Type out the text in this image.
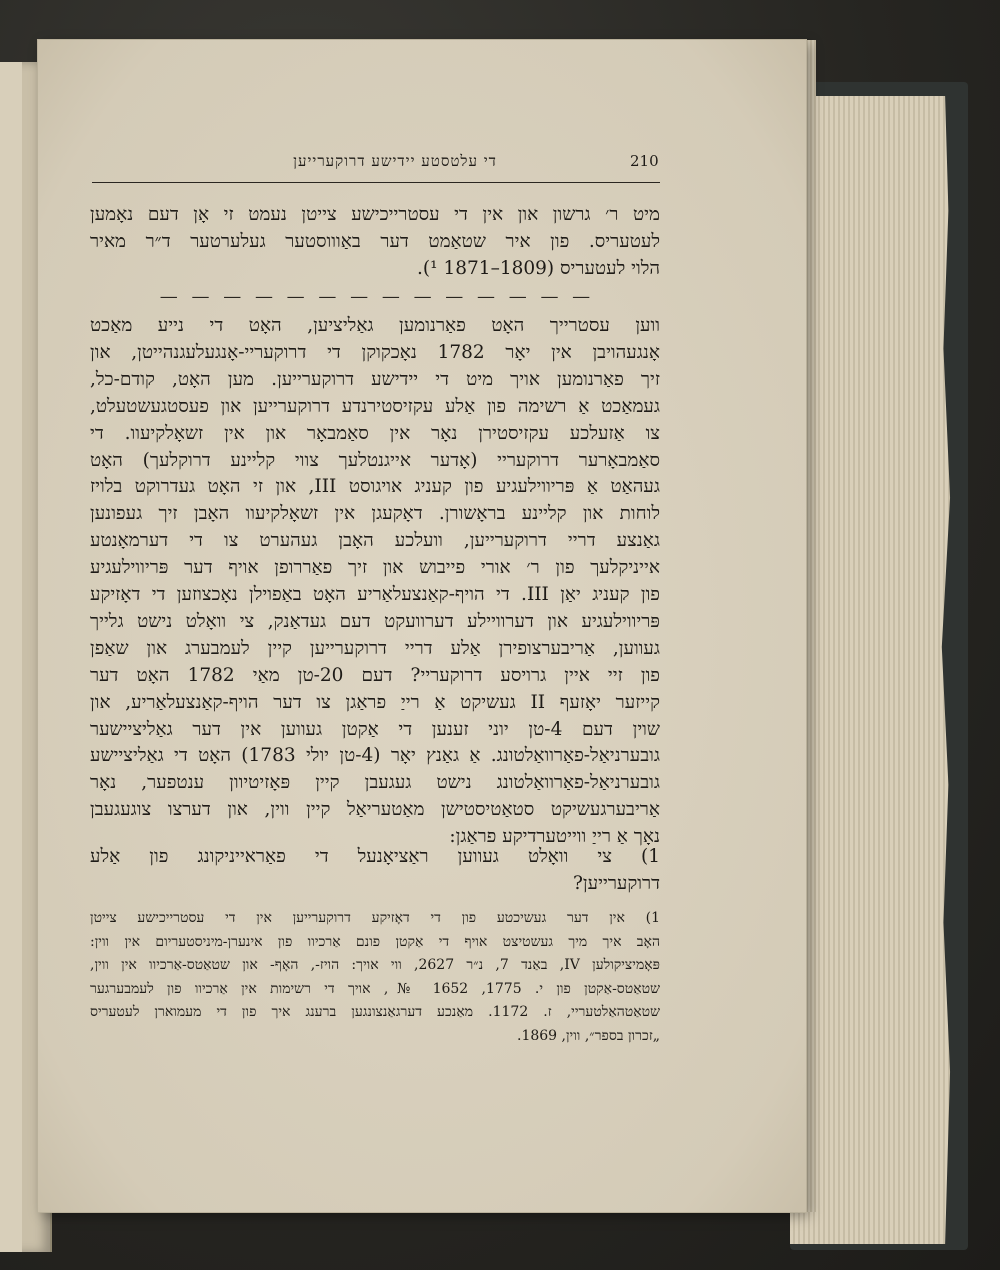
די עלטסטע יידישע דרוקערייען	210
מיט ר׳ גרשון און אין די עסטרייכישע צייטן נעמט זי אָן דעם נאָמען
לעטעריס. פון איר שטאַמט דער באַוווסטער געלערטער ד״ר מאיר
הלוי לעטעריס (1809–1871 ¹).
— — — — — — — — — — — — — —
ווען עסטרייך האָט פאַרנומען גאַליציען, האָט די נייע מאַכט
אָנגעהויבן אין יאָר 1782 נאָכקוקן די דרוקעריי-אָנגעלעגנהייטן, און
זיך פאַרנומען אויך מיט די יידישע דרוקערייען. מען האָט, קודם-כל,
געמאַכט אַ רשימה פון אַלע עקזיסטירנדע דרוקערייען און פעסטגעשטעלט,
צו אַזעלכע עקזיסטירן נאָר אין סאַמבאָר און אין זשאָלקיעוו. די
סאַמבאָרער דרוקעריי (אָדער אייגנטלעך צווי קליינע דרוקלעך) האָט
געהאַט אַ פּריווילעגיע פון קעניג אויגוסט III, און זי האָט געדרוקט בלויז
לוחות און קליינע בראָשורן. דאָקעגן אין זשאָלקיעוו האָבן זיך געפונען
גאַנצע דריי דרוקערייען, וועלכע האָבן געהערט צו די דערמאָנטע
אייניקלעך פון ר׳ אורי פייבוש און זיך פאַררופן אויף דער פּריווילעגיע
פון קעניג יאַן III. די הויף-קאַנצעלאַריע האָט באַפוילן נאָכצוזען די דאָזיקע
פּריווילעגיע און דערוויילע דערוועקט דעם געדאַנק, צי וואָלט נישט גלייך
געווען, אַריבערצופירן אַלע דריי דרוקערייען קיין לעמבערג און שאַפן
פון זיי איין גרויסע דרוקעריי? דעם 20-טן מאַי 1782 האָט דער
קייזער יאָזעף II געשיקט אַ רייַ פראַגן צו דער הויף-קאַנצעלאַריע, און
שוין דעם 4-טן יוני זענען די אַקטן געווען אין דער גאַליציישער
גובערניאַל-פאַרוואַלטונג. אַ גאַנץ יאָר (4-טן יולי 1783) האָט די גאַליציישע
גובערניאַל-פאַרוואַלטונג נישט געגעבן קיין פּאָזיטיוון ענטפער, נאָר
אַריבערגעשיקט סטאַטיסטישן מאַטעריאַל קיין ווין, און דערצו צוגעגעבן
נאָך אַ רייַ ווייטערדיקע פראַגן:
1) צי וואָלט געווען ראַציאָנעל די פאַראייניקונג פון אַלע
דרוקערייען?
1) אין דער געשיכטע פון די דאָזיקע דרוקערייען אין די עסטרייכישע צייטן
האָב איך מיך געשטיצט אויף די אַקטן פונם אַרכיוו פון אינערן-מיניסטעריום אין ווין:
פּאָמיציקולען IV, באַנד 7, נ״ר 2627, ווי אויך: הויז-, האָף- און שטאַטס-אַרכיוו אין ווין,
שטאַטס-אַקטן פון י. 1775, 1652 №, אויך די רשימות אין אַרכיוו פון לעמבערגער
שטאַטהאַלטעריי, ז. 1172. מאַנכע דערגאַנצונגען ברענג איך פון די מעמוארן לעטעריס
„זכרון בספר״, ווין, 1869.
